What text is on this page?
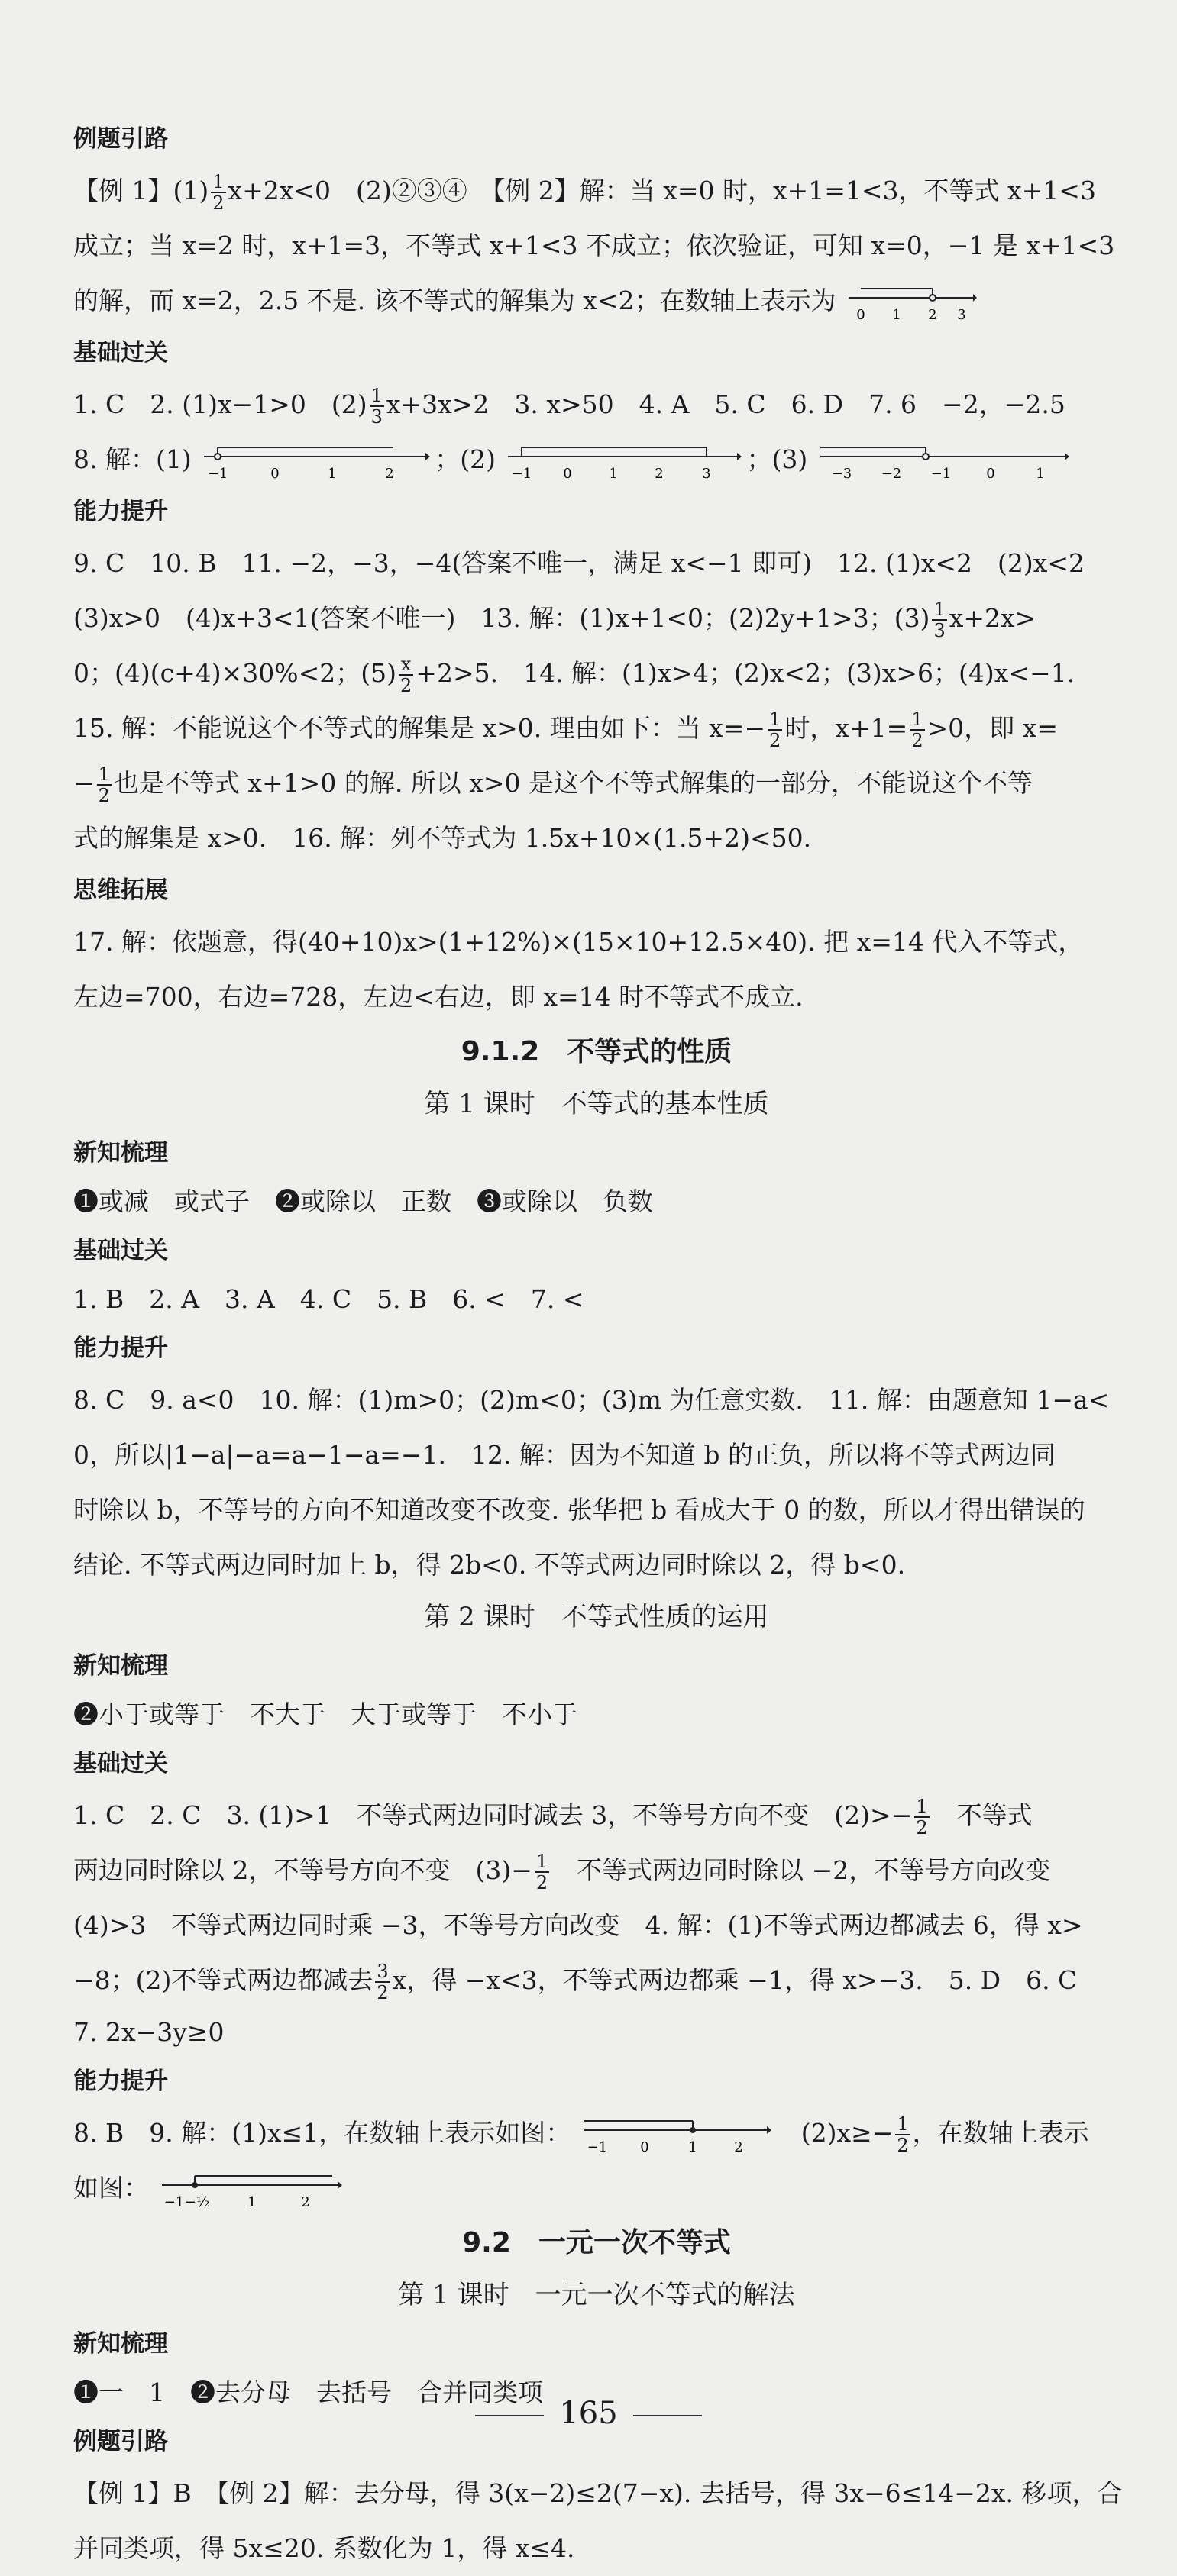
例题引路
【例 1】$(1) \frac{1}{2} x+2x<0$　(2)②③④　【例 2】解：当 x=0 时，x+1=1<3，不等式 x+1<3
成立；当 x=2 时，x+1=3，不等式 x+1<3 不成立；依次验证，可知 x=0，−1 是 x+1<3
的解，而 x=2，2.5 不是. 该不等式的解集为 x<2；在数轴上表示为 0 1 2 3
基础过关
1. C　2. (1)x−1>0　$(2) \frac{1}{3} x+3x>2$　3. x>50　4. A　5. C　6. D　7. 6　−2，−2.5
8. 解：(1) −1	0	1	2 ；(2) −1 0	1	2	3 ；(3) −3 −2 −1	0	1
能力提升
9. C　10. B　11. −2，−3，−4(答案不唯一，满足 x<−1 即可)　12. (1)x<2　(2)x<2
(3)x>0　(4)x+3<1(答案不唯一)　13. 解：(1)x+1<0；(2)2y+1>3；$(3) \frac{1}{3} x+2x>$
0；(4)(c+4)×30%<2；$(5) \frac{x}{2} +2>5$.　14. 解：(1)x>4；(2)x<2；(3)x>6；(4)x<−1.
15. 解：不能说这个不等式的解集是 x>0. 理由如下：当 $x=- \frac{1}{2}$ 时，$x+1= \frac{1}{2} >0$，即 x=
− $\frac{1}{2}$ 也是不等式 x+1>0 的解. 所以 x>0 是这个不等式解集的一部分，不能说这个不等
式的解集是 x>0.　16. 解：列不等式为 1.5x+10×(1.5+2)<50.
思维拓展
17. 解：依题意，得(40+10)x>(1+12%)×(15×10+12.5×40). 把 x=14 代入不等式，
左边=700，右边=728，左边<右边，即 x=14 时不等式不成立.
9.1.2　不等式的性质
第 1 课时　不等式的基本性质
新知梳理
❶或减　或式子　❷或除以　正数　❸或除以　负数
基础过关
1. B　2. A　3. A　4. C　5. B　6. <　7. <
能力提升
8. C　9. a<0　10. 解：(1)m>0；(2)m<0；(3)m 为任意实数.　11. 解：由题意知 1−a<
0，所以|1−a|−a=a−1−a=−1.　12. 解：因为不知道 b 的正负，所以将不等式两边同
时除以 b，不等号的方向不知道改变不改变. 张华把 b 看成大于 0 的数，所以才得出错误的
结论. 不等式两边同时加上 b，得 2b<0. 不等式两边同时除以 2，得 b<0.
第 2 课时　不等式性质的运用
新知梳理
❷小于或等于　不大于　大于或等于　不小于
基础过关
1. C　2. C　3. (1)>1　不等式两边同时减去 3，不等号方向不变　$(2)>- \frac{1}{2}$ 　不等式
两边同时除以 2，不等号方向不变　$(3)- \frac{1}{2}$ 　不等式两边同时除以 −2，不等号方向改变
(4)>3　不等式两边同时乘 −3，不等号方向改变　4. 解：(1)不等式两边都减去 6，得 x>
−8；(2)不等式两边都减去 $\frac{3}{2}$ x，得 −x<3，不等式两边都乘 −1，得 x>−3.　5. D　6. C
7. 2x−3y≥0
能力提升
8. B　9. 解：(1)x≤1，在数轴上表示如图： −1 0	1	2 　$(2)x\ge- \frac{1}{2}$ ，在数轴上表示
如图： −1 −½	1	2
9.2　一元一次不等式
第 1 课时　一元一次不等式的解法
新知梳理
❶一　1　❷去分母　去括号　合并同类项
例题引路
【例 1】B　【例 2】解：去分母，得 3(x−2)≤2(7−x). 去括号，得 3x−6≤14−2x. 移项，合
并同类项，得 5x≤20. 系数化为 1，得 x≤4.
165
